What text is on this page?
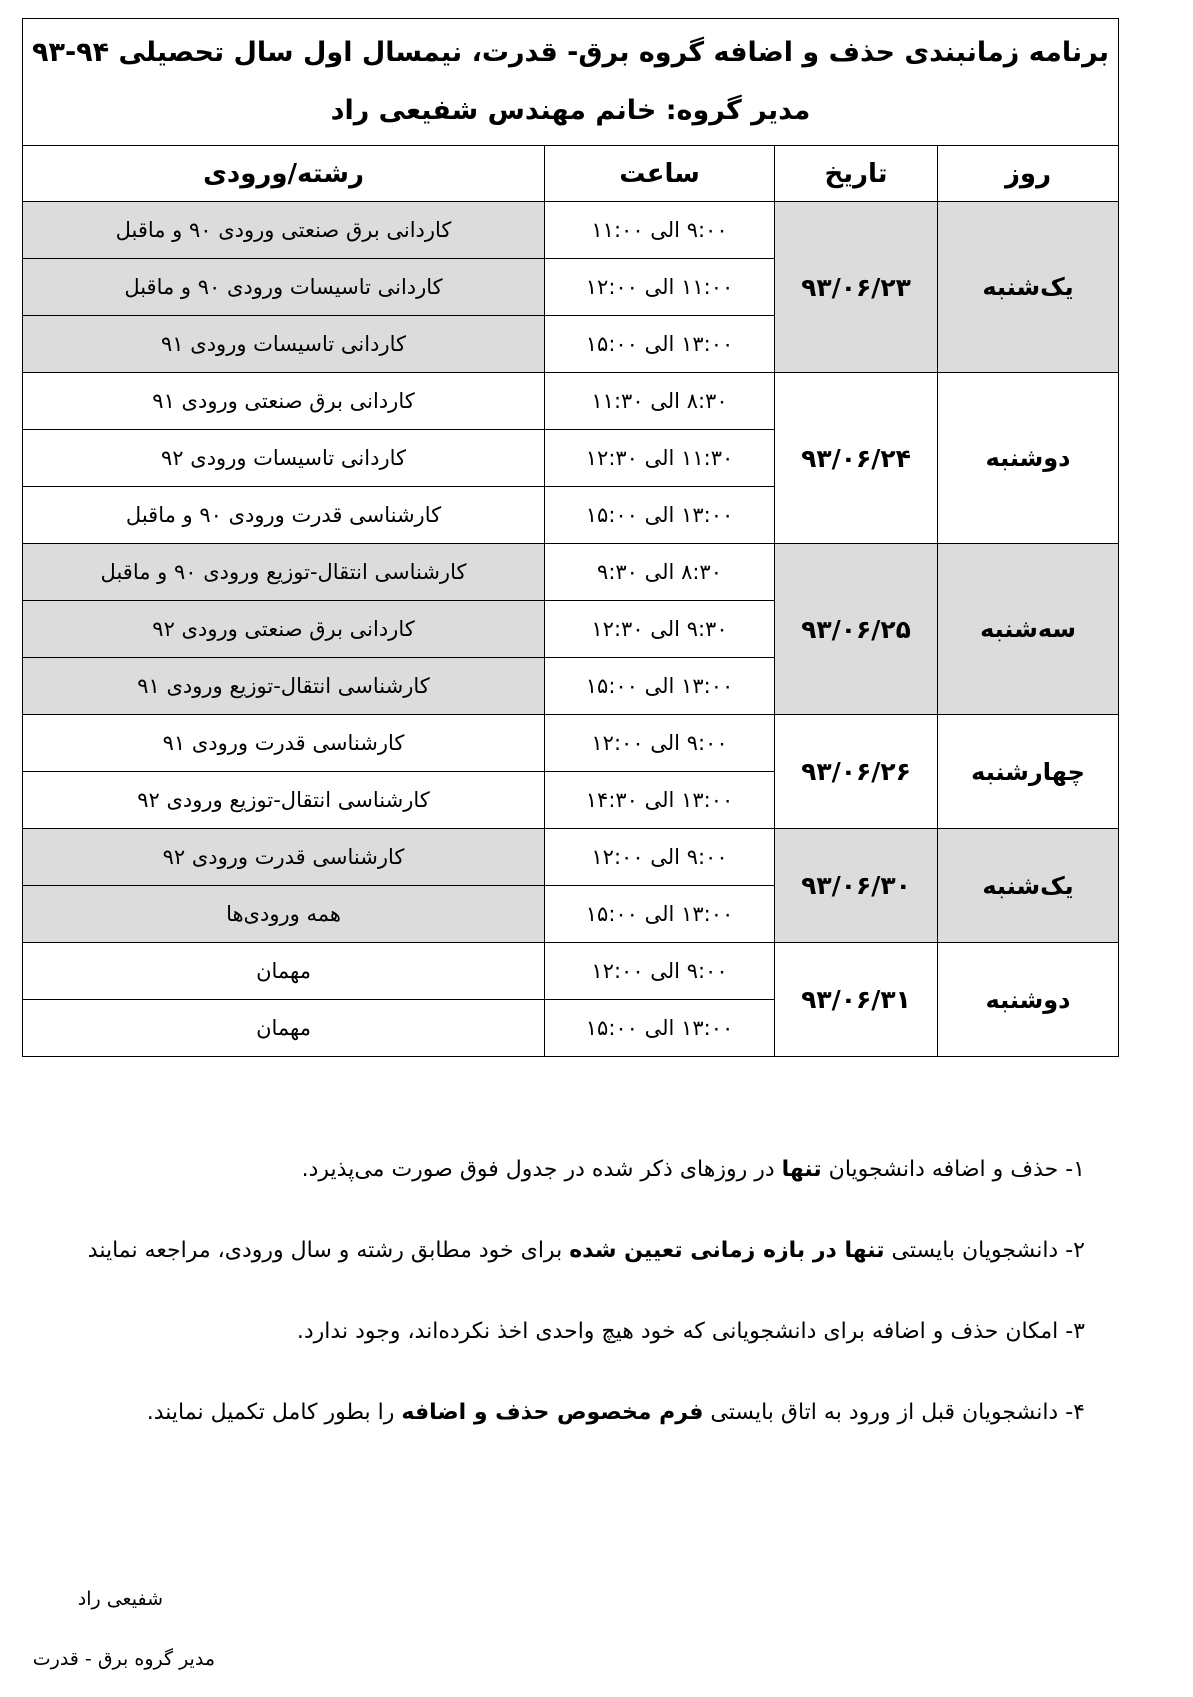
برنامه زمانبندی حذف و اضافه گروه برق- قدرت، نیمسال اول سال تحصیلی ۹۴-۹۳
مدیر گروه: خانم مهندس شفیعی راد			

روز	تاریخ	ساعت	رشته/ورودی
یک‌شنبه	۹۳/۰۶/۲۳	۹:۰۰ الی ۱۱:۰۰	کاردانی برق صنعتی ورودی ۹۰ و ماقبل
		۱۱:۰۰ الی ۱۲:۰۰	کاردانی تاسیسات ورودی ۹۰ و ماقبل
		۱۳:۰۰ الی ۱۵:۰۰	کاردانی تاسیسات ورودی ۹۱
دوشنبه	۹۳/۰۶/۲۴	۸:۳۰ الی ۱۱:۳۰	کاردانی برق صنعتی ورودی ۹۱
		۱۱:۳۰ الی ۱۲:۳۰	کاردانی تاسیسات ورودی ۹۲
		۱۳:۰۰ الی ۱۵:۰۰	کارشناسی قدرت ورودی ۹۰ و ماقبل
سه‌شنبه	۹۳/۰۶/۲۵	۸:۳۰ الی ۹:۳۰	کارشناسی انتقال-توزیع ورودی ۹۰ و ماقبل
		۹:۳۰ الی ۱۲:۳۰	کاردانی برق صنعتی ورودی ۹۲
		۱۳:۰۰ الی ۱۵:۰۰	کارشناسی انتقال-توزیع ورودی ۹۱
چهارشنبه	۹۳/۰۶/۲۶	۹:۰۰ الی ۱۲:۰۰	کارشناسی قدرت ورودی ۹۱
		۱۳:۰۰ الی ۱۴:۳۰	کارشناسی انتقال-توزیع ورودی ۹۲
یک‌شنبه	۹۳/۰۶/۳۰	۹:۰۰ الی ۱۲:۰۰	کارشناسی قدرت ورودی ۹۲
		۱۳:۰۰ الی ۱۵:۰۰	همه ورودی‌ها
دوشنبه	۹۳/۰۶/۳۱	۹:۰۰ الی ۱۲:۰۰	مهمان
		۱۳:۰۰ الی ۱۵:۰۰	مهمان
۱- حذف و اضافه دانشجویان تنها در روزهای ذکر شده در جدول فوق صورت می‌پذیرد.
۲- دانشجویان بایستی تنها در بازه زمانی تعیین شده برای خود مطابق رشته و سال ورودی، مراجعه نمایند
۳- امکان حذف و اضافه برای دانشجویانی که خود هیچ واحدی اخذ نکرده‌اند، وجود ندارد.
۴- دانشجویان قبل از ورود به اتاق بایستی فرم مخصوص حذف و اضافه را بطور کامل تکمیل نمایند.
شفیعی راد
مدیر گروه برق - قدرت
